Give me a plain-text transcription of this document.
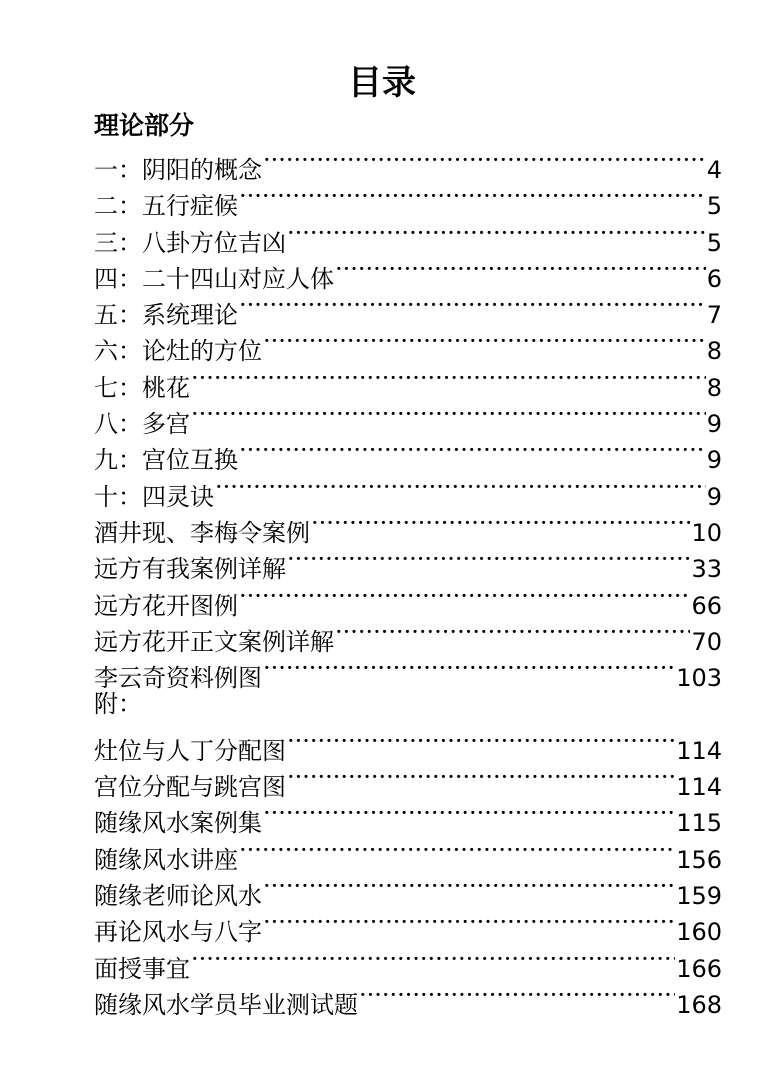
目录
理论部分
一：阴阳的概念 ·····	4
二：五行症候 ·····	5
三：八卦方位吉凶 ·····	5
四：二十四山对应人体 ·····	6
五：系统理论 ·····	7
六：论灶的方位 ·····	8
七：桃花 ·····	8
八：多宫 ·····	9
九：宫位互换 ·····	9
十：四灵诀 ·····	9
酒井现、李梅令案例 ·····	10
远方有我案例详解 ·····	33
远方花开图例 ·····	66
远方花开正文案例详解 ·····	70
李云奇资料例图 ·····	103
附：
灶位与人丁分配图 ·····	114
宫位分配与跳宫图 ·····	114
随缘风水案例集 ·····	115
随缘风水讲座 ·····	156
随缘老师论风水 ·····	159
再论风水与八字 ·····	160
面授事宜 ·····	166
随缘风水学员毕业测试题 ·····	168
